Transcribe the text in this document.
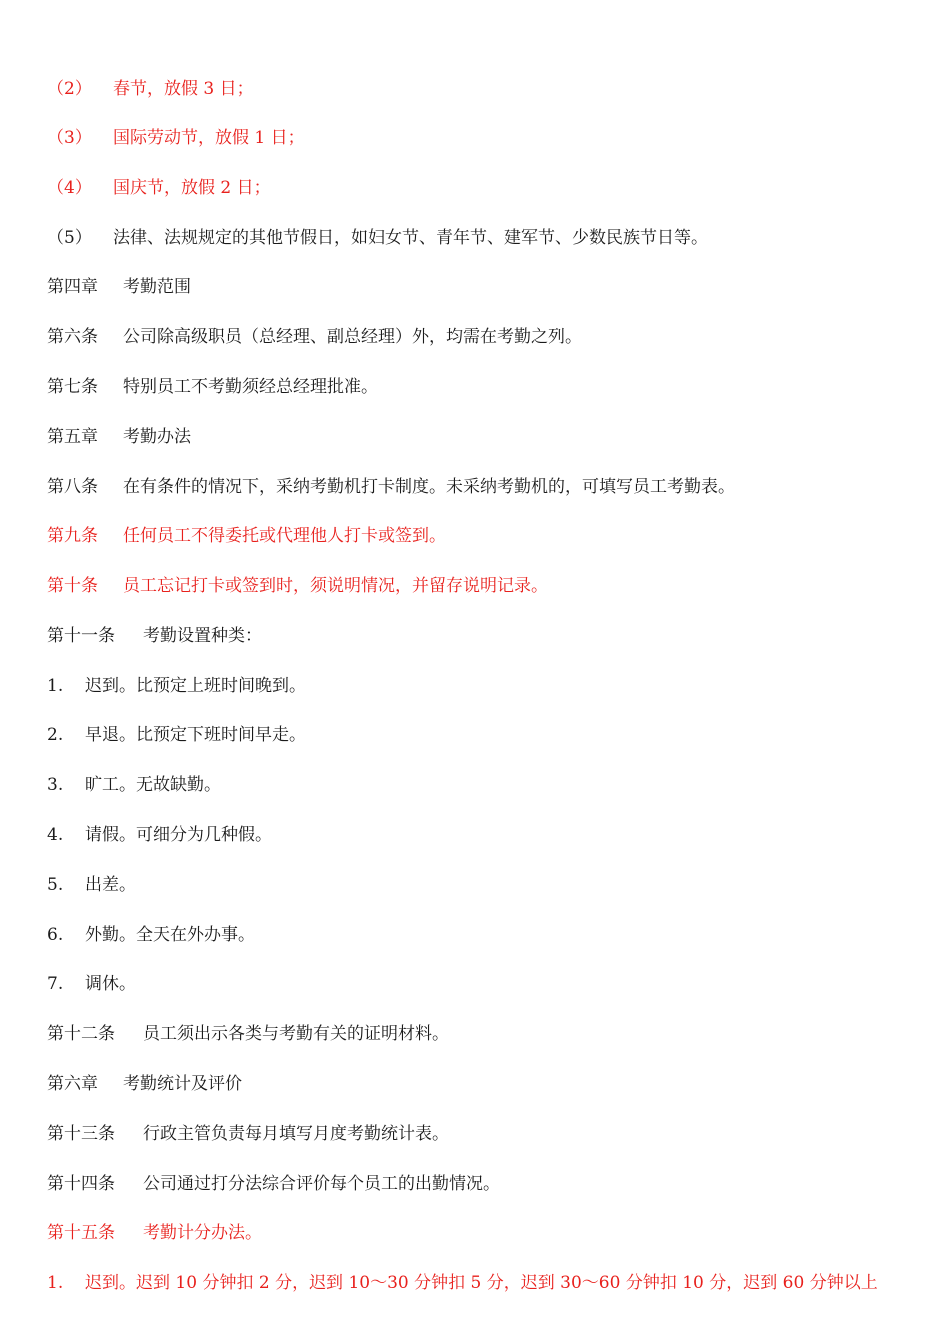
（2） 春节，放假 3 日；
（3） 国际劳动节，放假 1 日；
（4） 国庆节，放假 2 日；
（5） 法律、法规规定的其他节假日，如妇女节、青年节、建军节、少数民族节日等。
第四章 考勤范围
第六条 公司除高级职员（总经理、副总经理）外，均需在考勤之列。
第七条 特别员工不考勤须经总经理批准。
第五章 考勤办法
第八条 在有条件的情况下，采纳考勤机打卡制度。未采纳考勤机的，可填写员工考勤表。
第九条 任何员工不得委托或代理他人打卡或签到。
第十条 员工忘记打卡或签到时，须说明情况，并留存说明记录。
第十一条 考勤设置种类：
1. 迟到。比预定上班时间晚到。
2. 早退。比预定下班时间早走。
3. 旷工。无故缺勤。
4. 请假。可细分为几种假。
5. 出差。
6. 外勤。全天在外办事。
7. 调休。
第十二条 员工须出示各类与考勤有关的证明材料。
第六章 考勤统计及评价
第十三条 行政主管负责每月填写月度考勤统计表。
第十四条 公司通过打分法综合评价每个员工的出勤情况。
第十五条 考勤计分办法。
1. 迟到。迟到 10 分钟扣 2 分，迟到 10～30 分钟扣 5 分，迟到 30～60 分钟扣 10 分，迟到 60 分钟以上
